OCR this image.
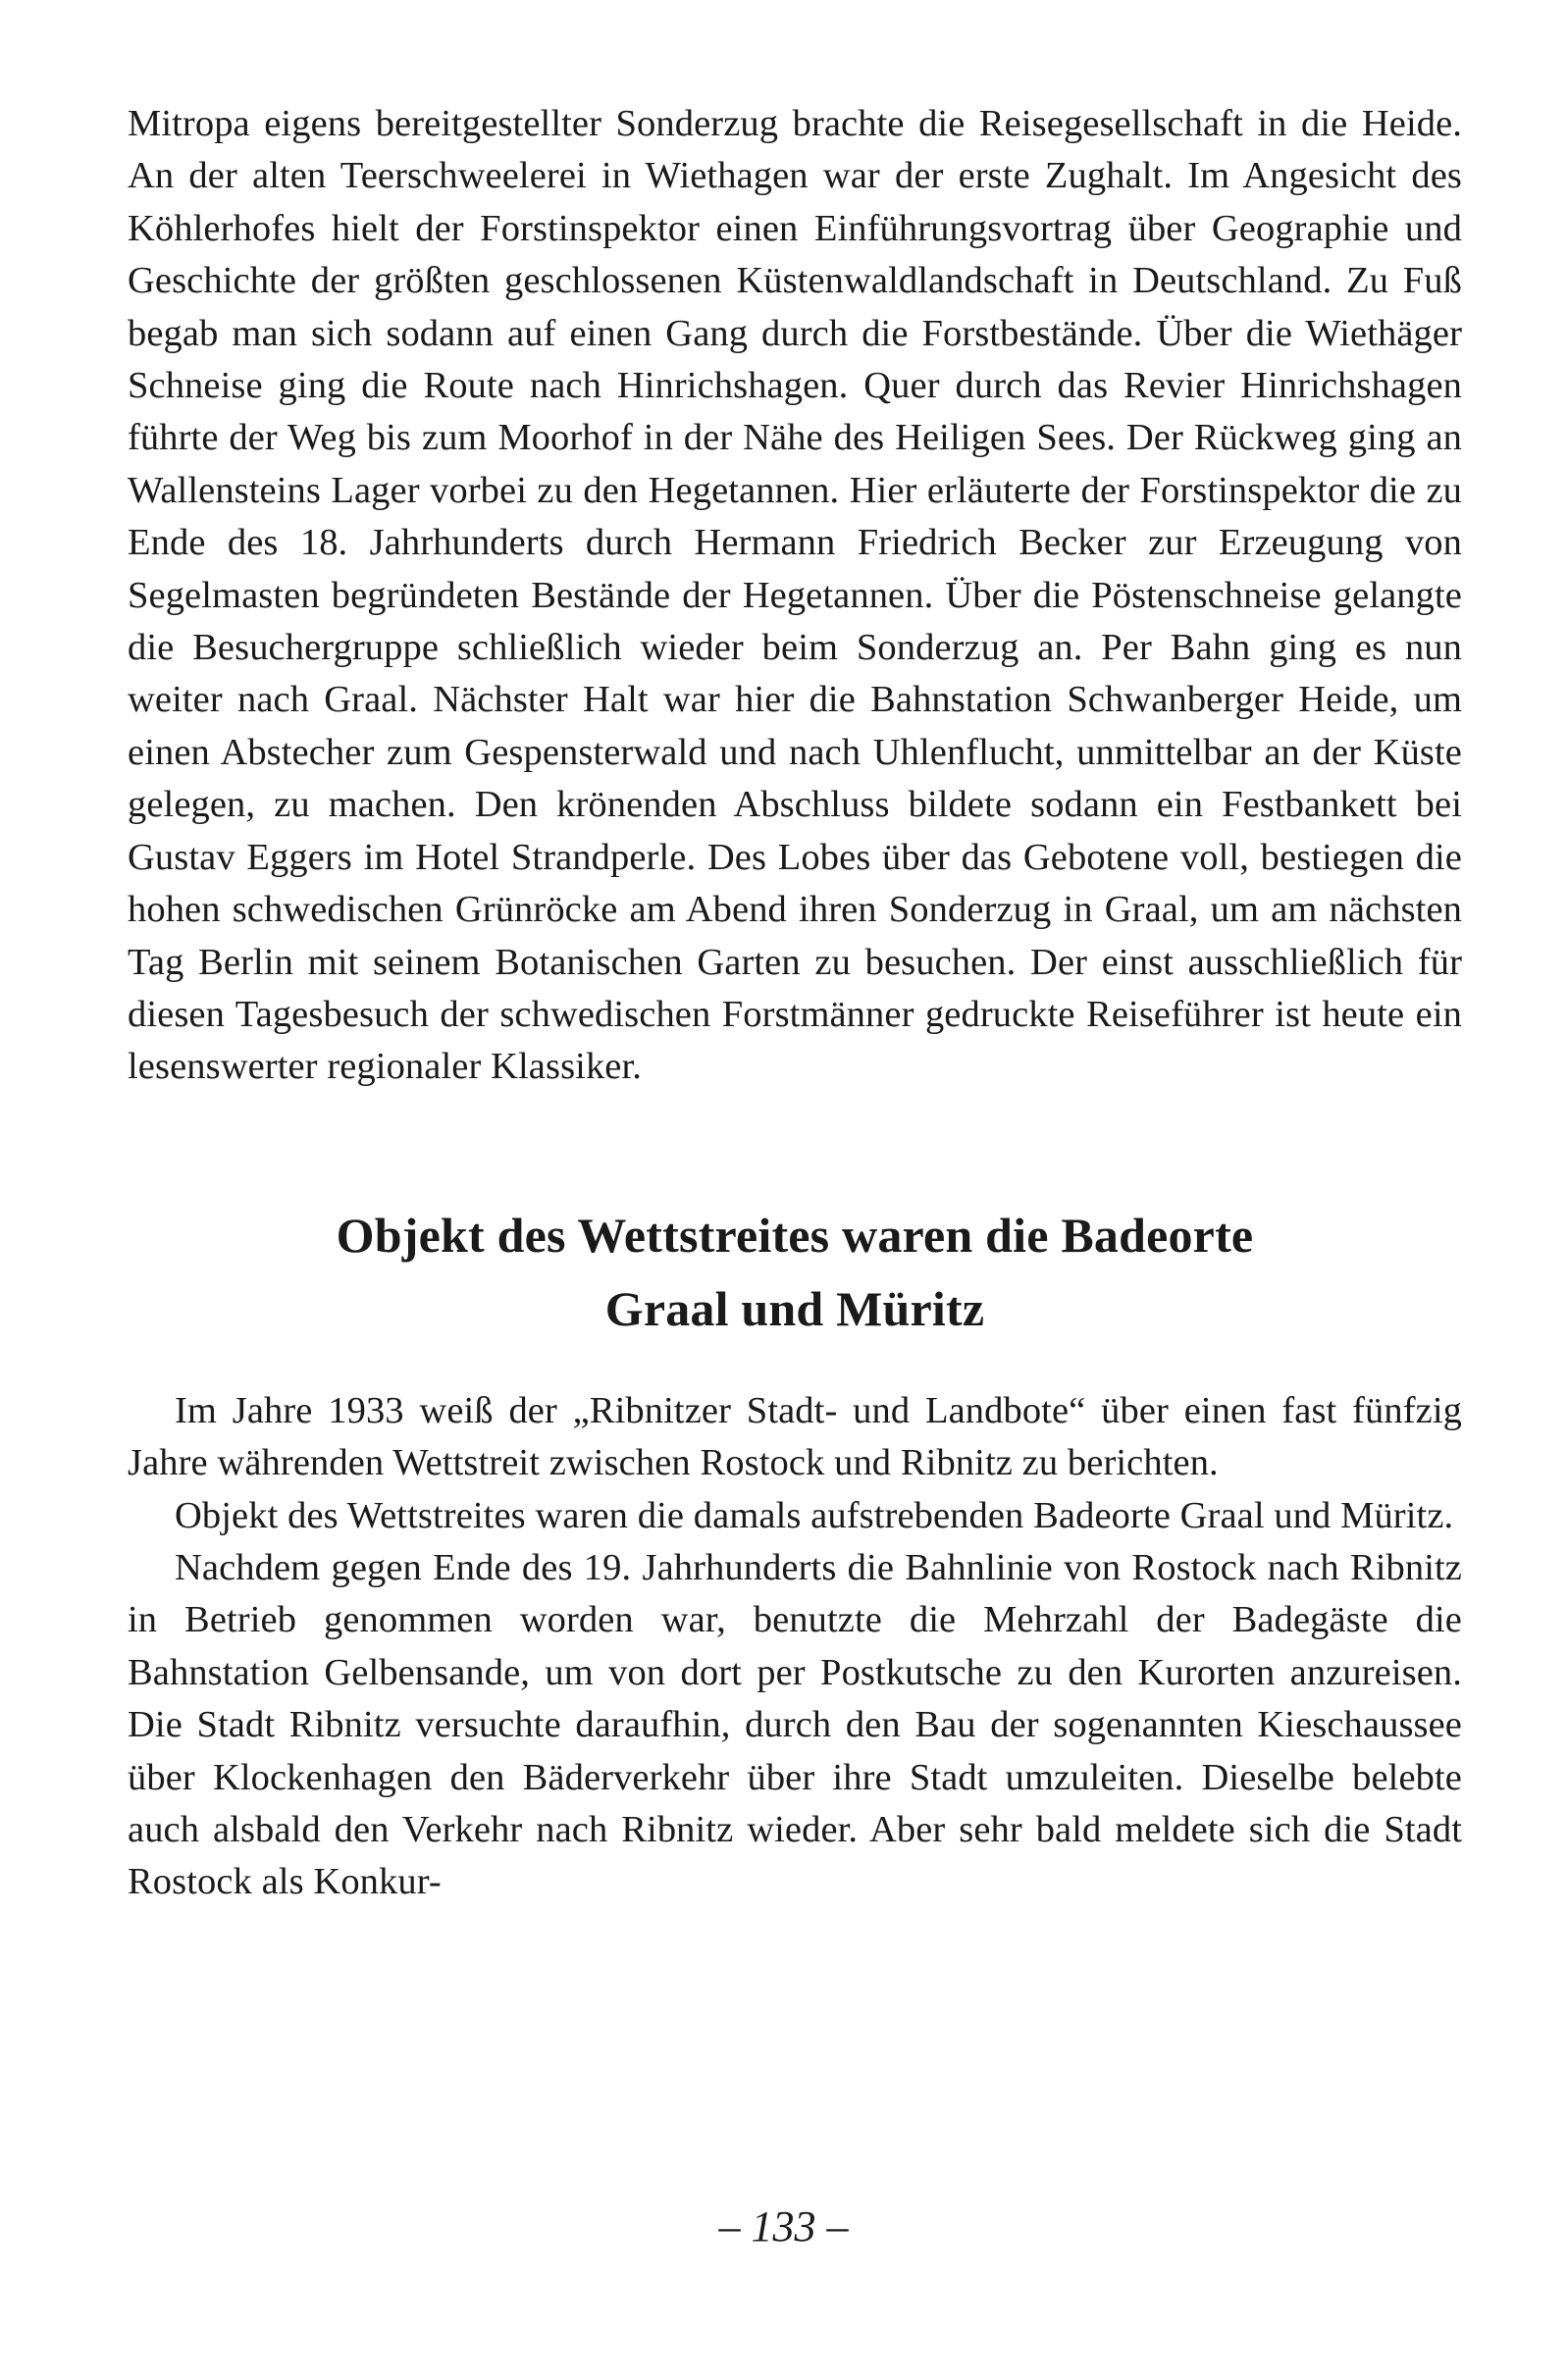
Mitropa eigens bereitgestellter Sonderzug brachte die Reisegesellschaft in die Heide. An der alten Teerschweelerei in Wiethagen war der erste Zughalt. Im Angesicht des Köhlerhofes hielt der Forstinspektor einen Einführungsvortrag über Geographie und Geschichte der größten geschlossenen Küstenwaldlandschaft in Deutschland. Zu Fuß begab man sich sodann auf einen Gang durch die Forstbestände. Über die Wiethäger Schneise ging die Route nach Hinrichshagen. Quer durch das Revier Hinrichshagen führte der Weg bis zum Moorhof in der Nähe des Heiligen Sees. Der Rückweg ging an Wallensteins Lager vorbei zu den Hegetannen. Hier erläuterte der Forstinspektor die zu Ende des 18. Jahrhunderts durch Hermann Friedrich Becker zur Erzeugung von Segelmasten begründeten Bestände der Hegetannen. Über die Pöstenschneise gelangte die Besuchergruppe schließlich wieder beim Sonderzug an. Per Bahn ging es nun weiter nach Graal. Nächster Halt war hier die Bahnstation Schwanberger Heide, um einen Abstecher zum Gespensterwald und nach Uhlenflucht, unmittelbar an der Küste gelegen, zu machen. Den krönenden Abschluss bildete sodann ein Festbankett bei Gustav Eggers im Hotel Strandperle. Des Lobes über das Gebotene voll, bestiegen die hohen schwedischen Grünröcke am Abend ihren Sonderzug in Graal, um am nächsten Tag Berlin mit seinem Botanischen Garten zu besuchen. Der einst ausschließlich für diesen Tagesbesuch der schwedischen Forstmänner gedruckte Reiseführer ist heute ein lesenswerter regionaler Klassiker.

Objekt des Wettstreites waren die Badeorte
Graal und Müritz

Im Jahre 1933 weiß der „Ribnitzer Stadt- und Landbote“ über einen fast fünfzig Jahre währenden Wettstreit zwischen Rostock und Ribnitz zu berichten.

Objekt des Wettstreites waren die damals aufstrebenden Badeorte Graal und Müritz.

Nachdem gegen Ende des 19. Jahrhunderts die Bahnlinie von Rostock nach Ribnitz in Betrieb genommen worden war, benutzte die Mehrzahl der Badegäste die Bahnstation Gelbensande, um von dort per Postkutsche zu den Kurorten anzureisen. Die Stadt Ribnitz versuchte daraufhin, durch den Bau der sogenannten Kieschaussee über Klockenhagen den Bäderverkehr über ihre Stadt umzuleiten. Dieselbe belebte auch alsbald den Verkehr nach Ribnitz wieder. Aber sehr bald meldete sich die Stadt Rostock als Konkur-

– 133 –
